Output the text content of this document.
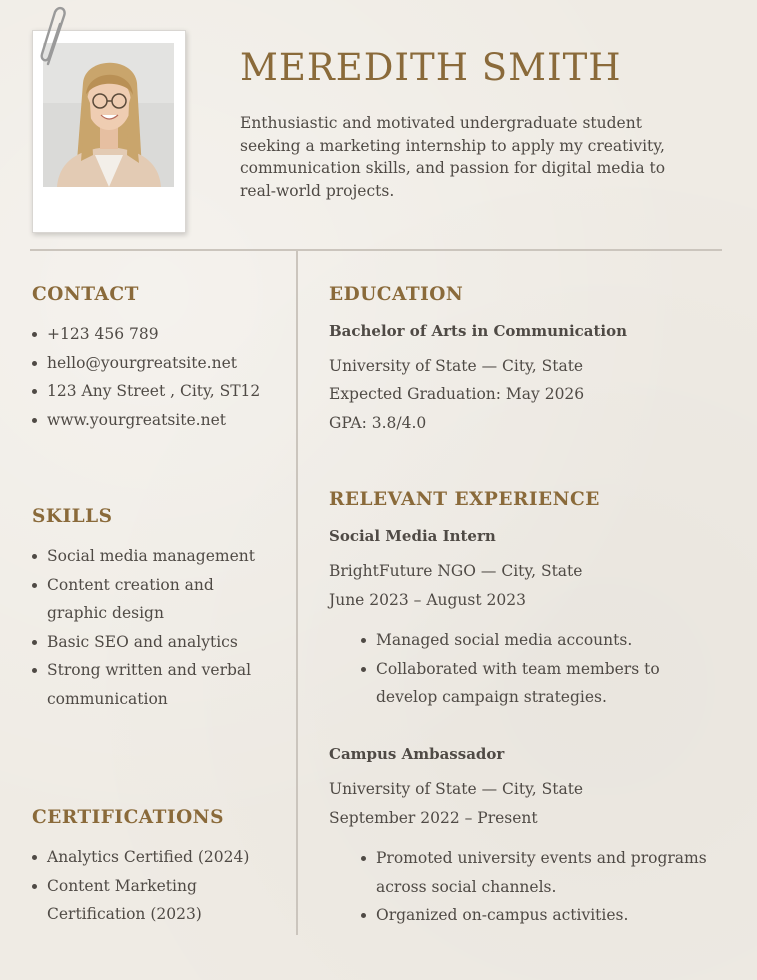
MEREDITH SMITH

Enthusiastic and motivated undergraduate student seeking a marketing internship to apply my creativity, communication skills, and passion for digital media to real-world projects.

CONTACT
+123 456 789
hello@yourgreatsite.net
123 Any Street , City, ST12
www.yourgreatsite.net
SKILLS
Social media management
Content creation and graphic design
Basic SEO and analytics
Strong written and verbal communication
CERTIFICATIONS
Analytics Certified (2024)
Content Marketing Certification (2023)
EDUCATION

Bachelor of Arts in Communication

University of State — City, State

Expected Graduation: May 2026

GPA: 3.8/4.0

RELEVANT EXPERIENCE

Social Media Intern

BrightFuture NGO — City, State

June 2023 – August 2023

Managed social media accounts.
Collaborated with team members to develop campaign strategies.

Campus Ambassador

University of State — City, State

September 2022 – Present

Promoted university events and programs across social channels.
Organized on-campus activities.
